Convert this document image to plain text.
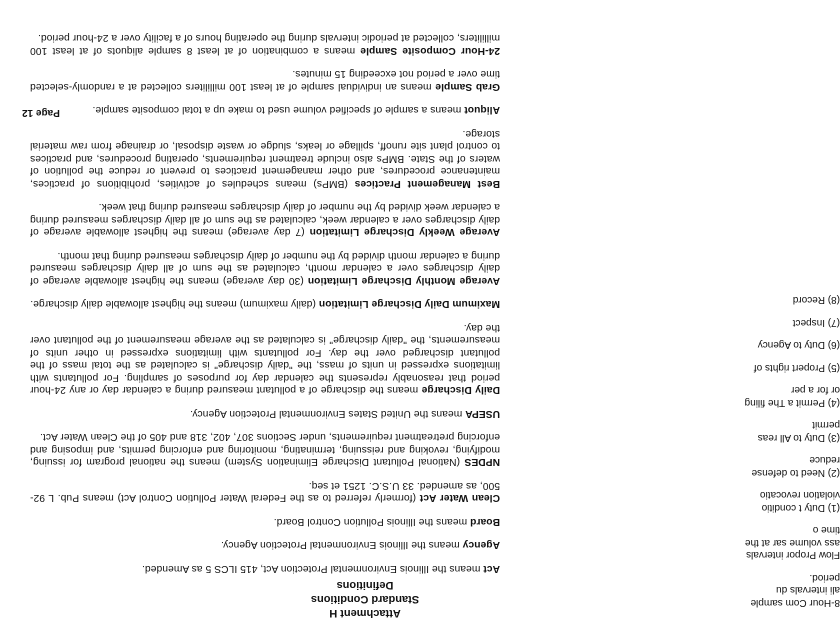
Attachment H
Standard Conditions
Definitions

Act means the Illinois Environmental Protection Act, 415 ILCS 5 as Amended.

Agency means the Illinois Environmental Protection Agency.

Board means the Illinois Pollution Control Board.

Clean Water Act (formerly referred to as the Federal Water Pollution Control Act) means Pub. L 92-500, as amended. 33 U.S.C. 1251 et seq.

NPDES (National Pollutant Discharge Elimination System) means the national program for issuing, modifying, revoking and reissuing, terminating, monitoring and enforcing permits, and imposing and enforcing pretreatment requirements, under Sections 307, 402, 318 and 405 of the Clean Water Act.

USEPA means the United States Environmental Protection Agency.

Daily Discharge means the discharge of a pollutant measured during a calendar day or any 24-hour period that reasonably represents the calendar day for purposes of sampling. For pollutants with limitations expressed in units of mass, the "daily discharge" is calculated as the total mass of the pollutant discharged over the day. For pollutants with limitations expressed in other units of measurements, the "daily discharge" is calculated as the average measurement of the pollutant over the day.

Maximum Daily Discharge Limitation (daily maximum) means the highest allowable daily discharge.

Average Monthly Discharge Limitation (30 day average) means the highest allowable average of daily discharges over a calendar month, calculated as the sum of all daily discharges measured during a calendar month divided by the number of daily discharges measured during that month.

Average Weekly Discharge Limitation (7 day average) means the highest allowable average of daily discharges over a calendar week, calculated as the sum of all daily discharges measured during a calendar week divided by the number of daily discharges measured during that week.

Best Management Practices (BMPs) means schedules of activities, prohibitions of practices, maintenance procedures, and other management practices to prevent or reduce the pollution of waters of the State. BMPs also include treatment requirements, operating procedures, and practices to control plant site runoff, spillage or leaks, sludge or waste disposal, or drainage from raw material storage.

Aliquot means a sample of specified volume used to make up a total composite sample.

Grab Sample means an individual sample of at least 100 milliliters collected at a randomly-selected time over a period not exceeding 15 minutes.

24-Hour Composite Sample means a combination of at least 8 sample aliquots of at least 100 milliliters, collected at periodic intervals during the operating hours of a facility over a 24-hour period.

8-Hour Com sample ali intervals du period.
Flow Propor intervals ass volume sar at the time o
(1) Duty t conditio violation revocatio
(2) Need to defense reduce
(3) Duty to All reas permit
(4) Permit a The filing or for a per
(5) Propert rights of
(6) Duty to Agency
(7) Inspect
(8) Record
Page 12
